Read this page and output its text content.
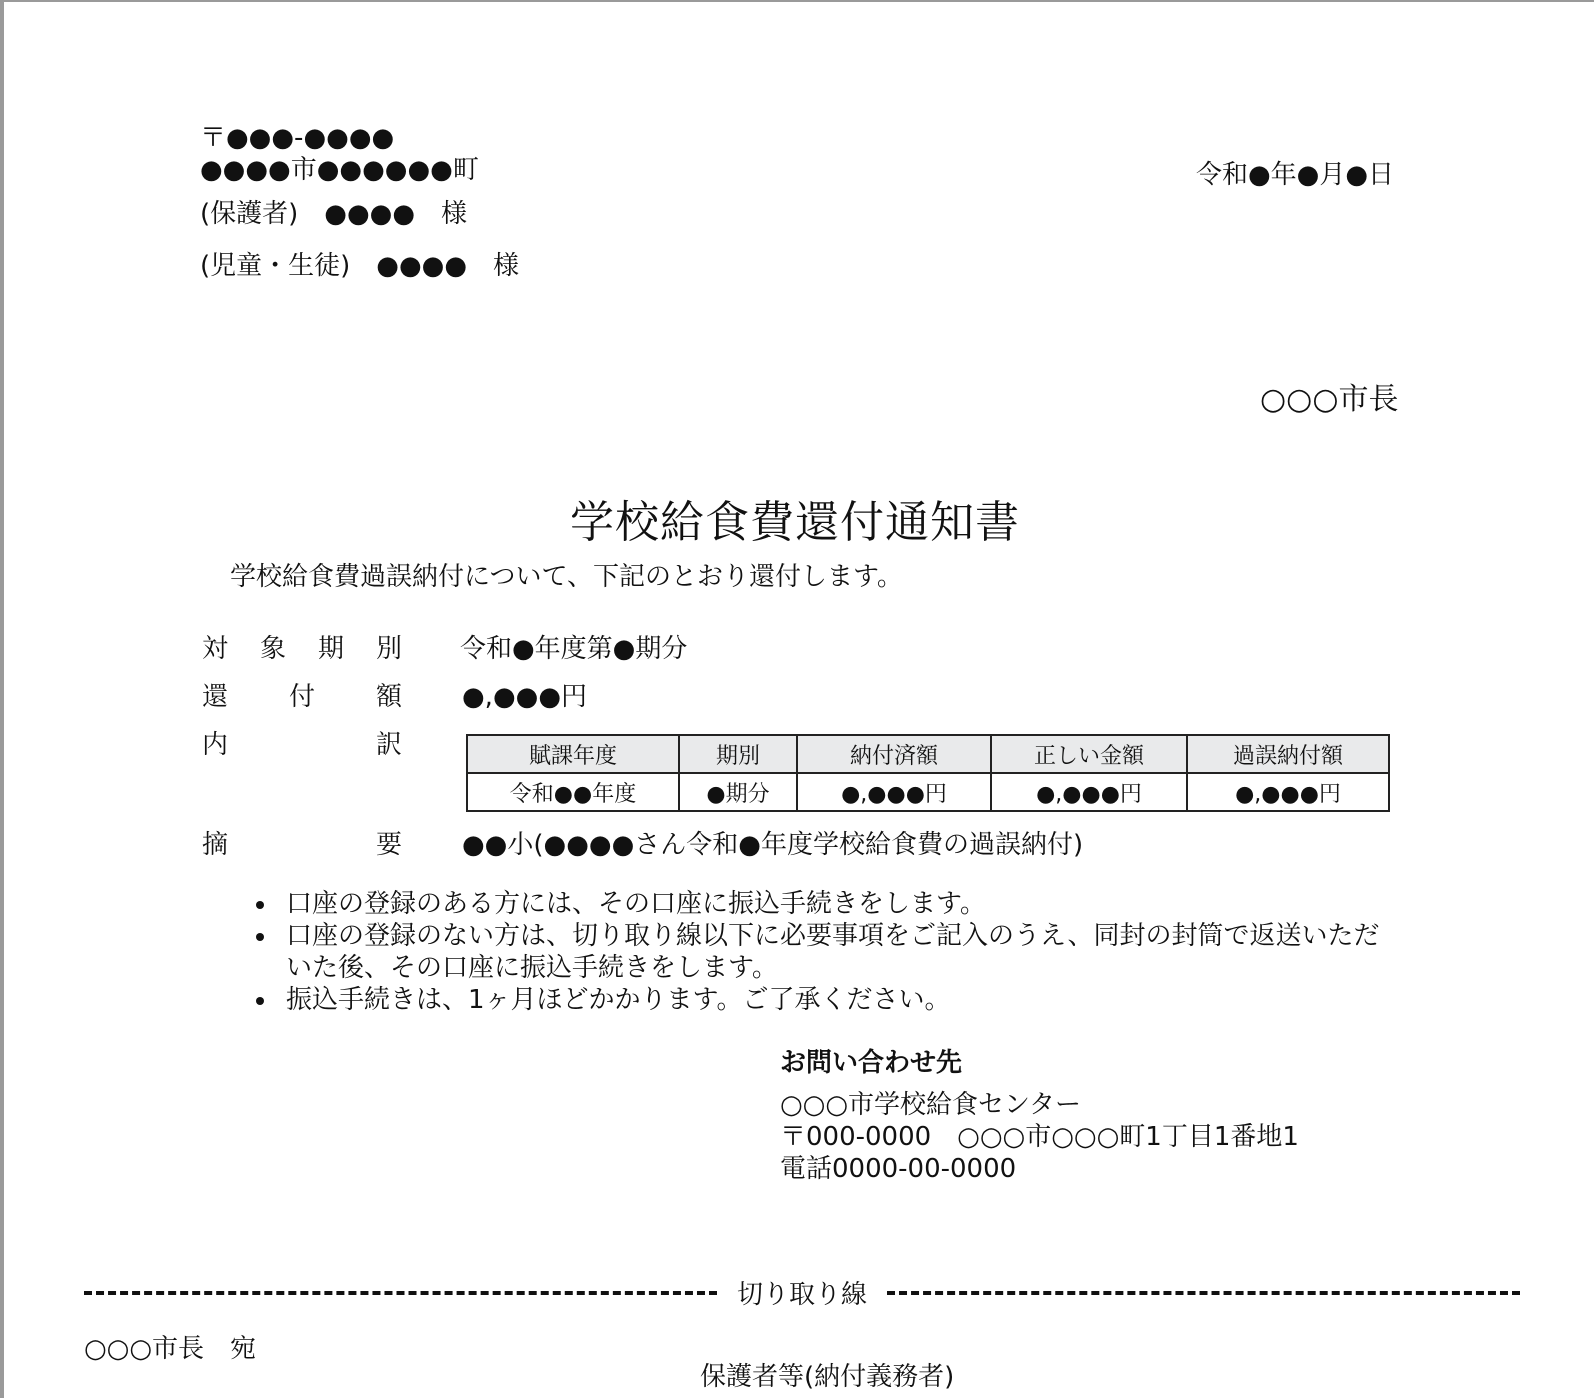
〒●●●-●●●●
●●●●市●●●●●●町
(保護者)　●●●●　様
(児童・生徒)　●●●●　様
令和●年●月●日
○○○市長
学校給食費還付通知書
学校給食費過誤納付について、下記のとおり還付します。
対 象 期 別 令和●年度第●期分
還 付 額 ●,●●●円
内	訳	賦課年度	期別	納付済額	正しい金額	過誤納付額
令和●●年度	●期分	●,●●●円	●,●●●円	●,●●●円
摘	要 ●●小(●●●●さん令和●年度学校給食費の過誤納付)
口座の登録のある方には、その口座に振込手続きをします。
口座の登録のない方は、切り取り線以下に必要事項をご記入のうえ、同封の封筒で返送いただいた後、その口座に振込手続きをします。
振込手続きは、1ヶ月ほどかかります。ご了承ください。
お問い合わせ先
○○○市学校給食センター
〒000-0000　○○○市○○○町1丁目1番地1
電話0000-00-0000
切り取り線
○○○市長　宛
保護者等(納付義務者)
